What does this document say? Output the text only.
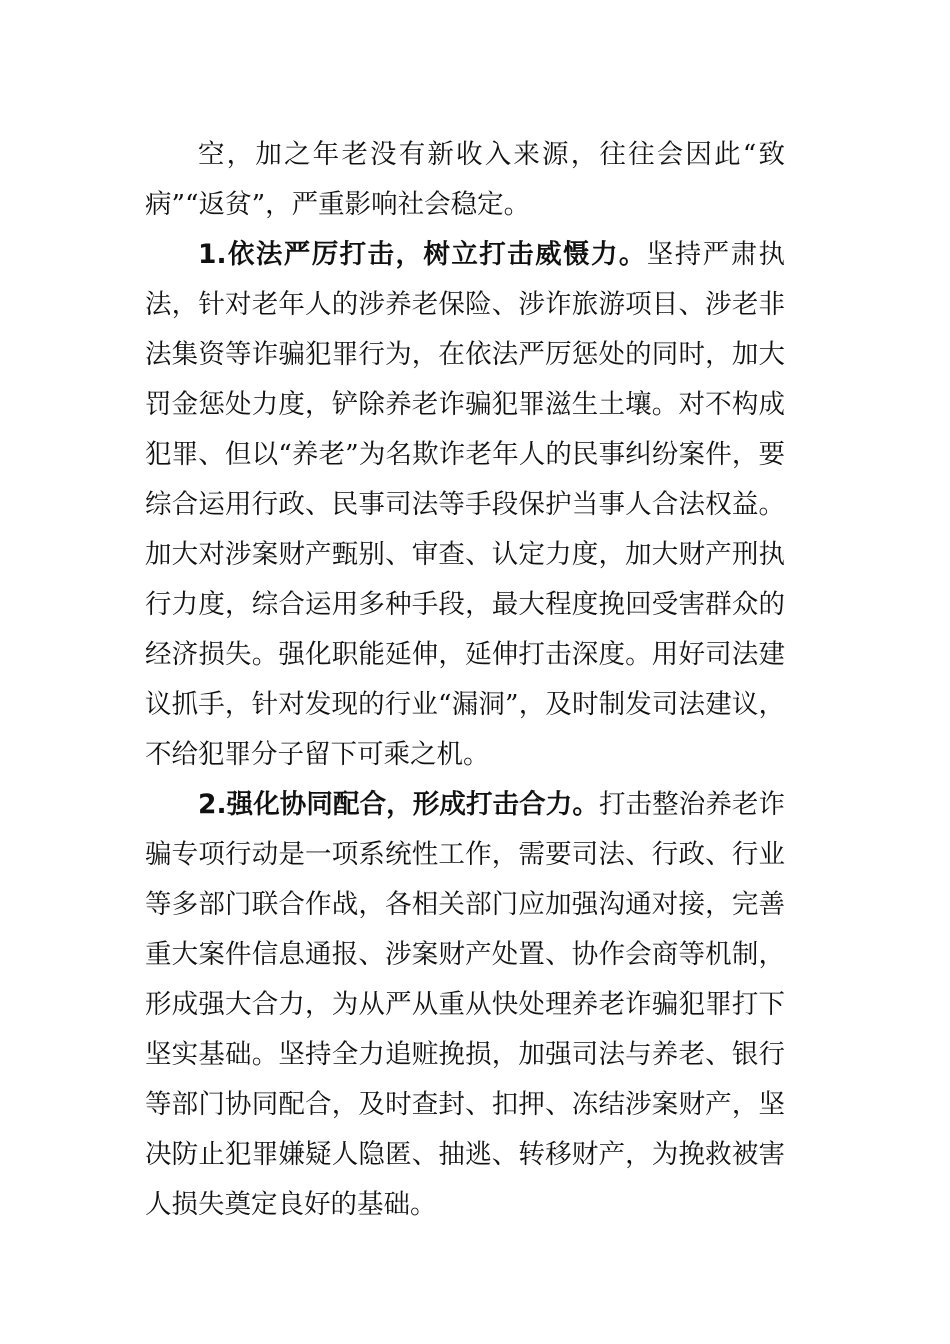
空，加之年老没有新收入来源，往往会因此“致病”“返贫”，严重影响社会稳定。

1.依法严厉打击，树立打击威慑力。坚持严肃执法，针对老年人的涉养老保险、涉诈旅游项目、涉老非法集资等诈骗犯罪行为，在依法严厉惩处的同时，加大罚金惩处力度，铲除养老诈骗犯罪滋生土壤。对不构成犯罪、但以“养老”为名欺诈老年人的民事纠纷案件，要综合运用行政、民事司法等手段保护当事人合法权益。加大对涉案财产甄别、审查、认定力度，加大财产刑执行力度，综合运用多种手段，最大程度挽回受害群众的经济损失。强化职能延伸，延伸打击深度。用好司法建议抓手，针对发现的行业“漏洞”，及时制发司法建议，不给犯罪分子留下可乘之机。

2.强化协同配合，形成打击合力。打击整治养老诈骗专项行动是一项系统性工作，需要司法、行政、行业等多部门联合作战，各相关部门应加强沟通对接，完善重大案件信息通报、涉案财产处置、协作会商等机制，形成强大合力，为从严从重从快处理养老诈骗犯罪打下坚实基础。坚持全力追赃挽损，加强司法与养老、银行等部门协同配合，及时查封、扣押、冻结涉案财产，坚决防止犯罪嫌疑人隐匿、抽逃、转移财产，为挽救被害人损失奠定良好的基础。
